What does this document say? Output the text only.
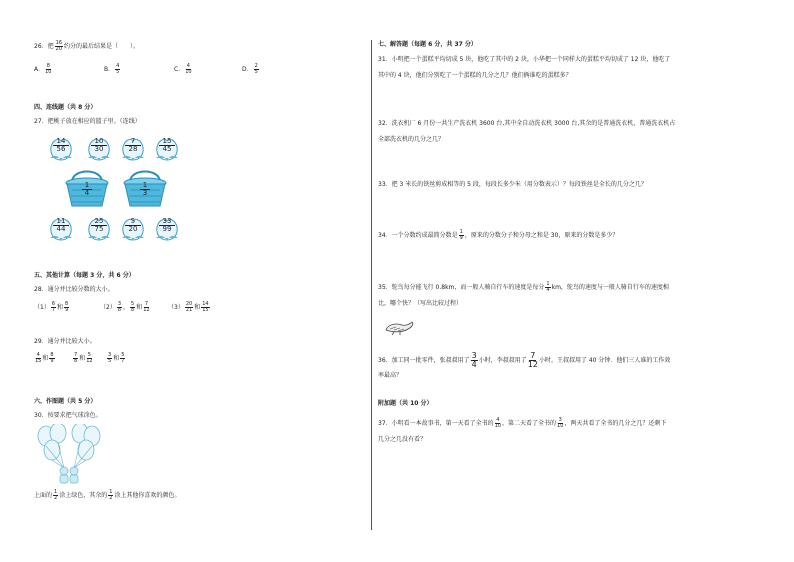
26．把 $\frac{16}{20}$ 约分的最后结果是（　　）。
A． $\frac{8}{10}$	B． $\frac{4}{5}$	C． $\frac{4}{10}$	D． $\frac{2}{5}$
四、连线题（共 8 分）
27．把桃子放在相应的篮子里。（连线）
14
56
10
30
7
28
15
45
1
4
1
3
11
44
25
75
5
20
33
99
五、其他计算（每题 3 分，共 6 分）
28．通分并比较分数的大小。
$(1) \frac{6}{7}$ 和 $\frac{8}{9}$	$(2) \frac{3}{8}$ ， $\frac{5}{8}$ 和 $\frac{7}{12}$	$(3) \frac{20}{21}$ 和 $\frac{14}{15}$
29．通分并比较大小。
$\frac{4}{15}$ 和 $\frac{8}{9}$	$\frac{7}{8}$ 和 $\frac{5}{12}$	$\frac{3}{5}$ 和 $\frac{5}{7}$
六、作图题（共 5 分）
30．按要求把气球涂色。
上面的 $\frac{1}{2}$ 涂上绿色，其余的 $\frac{1}{2}$ 涂上其他你喜欢的颜色。
七、解答题（每题 6 分，共 37 分）
31．小明把一个蛋糕平均切成 5 块，他吃了其中的 2 块，小华把一个同样大的蛋糕平均切成了 12 块，他吃了
其中的 4 块，他们分别吃了一个蛋糕的几分之几？他们俩谁吃的蛋糕多？
32．洗衣机厂 6 月份一共生产洗衣机 3600 台,其中全自动洗衣机 3000 台,其余的是普通洗衣机，普通洗衣机占
全部洗衣机的几分之几？
33．把 3 米长的铁丝剪成相等的 5 段，每段长多少米（用分数表示）？每段铁丝是全长的几分之几？
34．一个分数约成最简分数是 $\frac{1}{9}$ ，原来的分数分子和分母之和是 30，原来的分数是多少？
35．鸵鸟每分能飞行 0.8km，而一般人骑自行车的速度是每分 $\frac{1}{4}$ km，鸵鸟的速度与一般人骑自行车的速度相
比，哪个快？（写出比较过程）
36．加工同一批零件，张叔叔用了 $\frac{3}{4}$ 小时，李叔叔用了 $\frac{7}{12}$ 小时，王叔叔用了 40 分钟．他们三人谁的工作效
率最高？
附加题（共 10 分）
37．小明看一本故事书，第一天看了全书的 $\frac{4}{10}$ ，第二天看了全书的 $\frac{3}{10}$ ，两天共看了全书的几分之几？还剩下
几分之几没有看？
